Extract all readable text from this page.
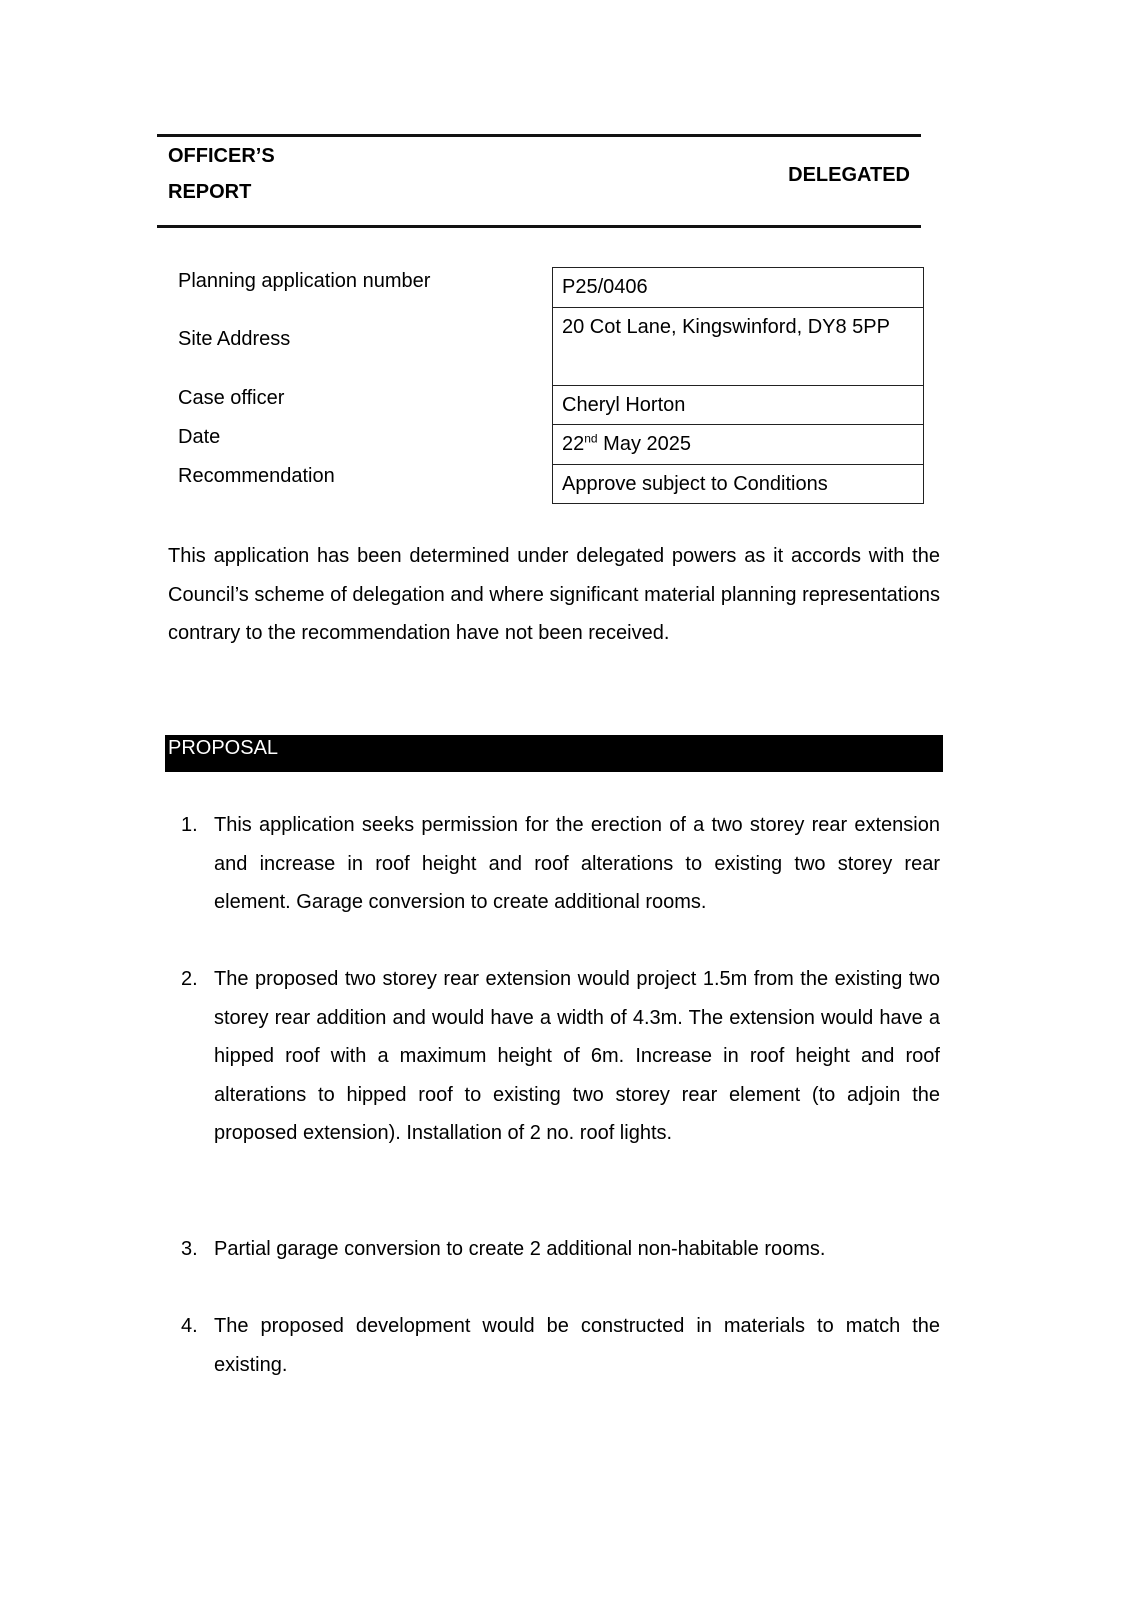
OFFICER’S
REPORT
DELEGATED
Planning application number
Site Address
Case officer
Date
Recommendation
P25/0406
20 Cot Lane, Kingswinford, DY8 5PP
Cheryl Horton
22nd May 2025
Approve subject to Conditions
This application has been determined under delegated powers as it accords with the Council’s scheme of delegation and where significant material planning representations contrary to the recommendation have not been received.
PROPOSAL
1. This application seeks permission for the erection of a two storey rear extension and increase in roof height and roof alterations to existing two storey rear element. Garage conversion to create additional rooms.
2. The proposed two storey rear extension would project 1.5m from the existing two storey rear addition and would have a width of 4.3m. The extension would have a hipped roof with a maximum height of 6m. Increase in roof height and roof alterations to hipped roof to existing two storey rear element (to adjoin the proposed extension). Installation of 2 no. roof lights.
3. Partial garage conversion to create 2 additional non-habitable rooms.
4. The proposed development would be constructed in materials to match the existing.
